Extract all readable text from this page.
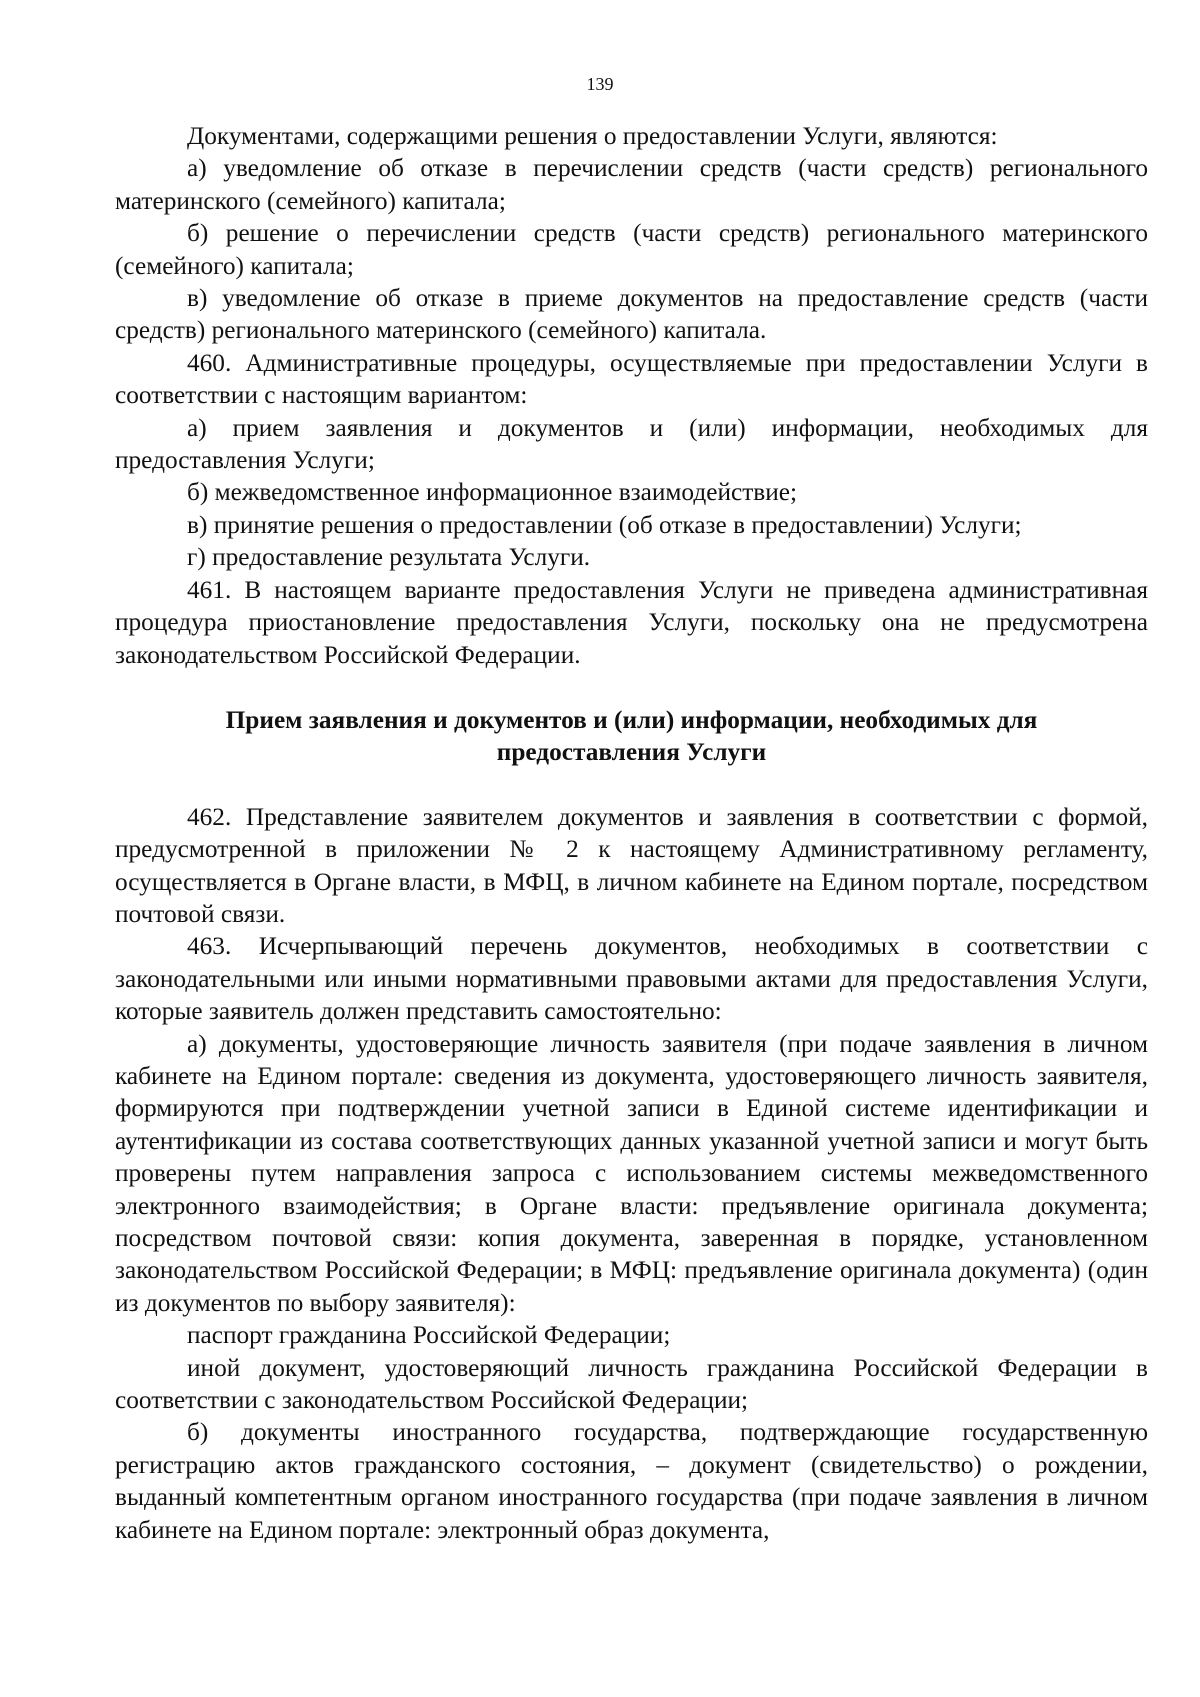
139

Документами, содержащими решения о предоставлении Услуги, являются:

а) уведомление об отказе в перечислении средств (части средств) регионального материнского (семейного) капитала;

б) решение о перечислении средств (части средств) регионального материнского (семейного) капитала;

в) уведомление об отказе в приеме документов на предоставление средств (части средств) регионального материнского (семейного) капитала.

460. Административные процедуры, осуществляемые при предоставлении Услуги в соответствии с настоящим вариантом:

а) прием заявления и документов и (или) информации, необходимых для предоставления Услуги;

б) межведомственное информационное взаимодействие;

в) принятие решения о предоставлении (об отказе в предоставлении) Услуги;

г) предоставление результата Услуги.

461. В настоящем варианте предоставления Услуги не приведена административная процедура приостановление предоставления Услуги, поскольку она не предусмотрена законодательством Российской Федерации.

Прием заявления и документов и (или) информации, необходимых для предоставления Услуги

462. Представление заявителем документов и заявления в соответствии с формой, предусмотренной в приложении № 2 к настоящему Административному регламенту, осуществляется в Органе власти, в МФЦ, в личном кабинете на Едином портале, посредством почтовой связи.

463. Исчерпывающий перечень документов, необходимых в соответствии с законодательными или иными нормативными правовыми актами для предоставления Услуги, которые заявитель должен представить самостоятельно:

а) документы, удостоверяющие личность заявителя (при подаче заявления в личном кабинете на Едином портале: сведения из документа, удостоверяющего личность заявителя, формируются при подтверждении учетной записи в Единой системе идентификации и аутентификации из состава соответствующих данных указанной учетной записи и могут быть проверены путем направления запроса с использованием системы межведомственного электронного взаимодействия; в Органе власти: предъявление оригинала документа; посредством почтовой связи: копия документа, заверенная в порядке, установленном законодательством Российской Федерации; в МФЦ: предъявление оригинала документа) (один из документов по выбору заявителя):

паспорт гражданина Российской Федерации;

иной документ, удостоверяющий личность гражданина Российской Федерации в соответствии с законодательством Российской Федерации;

б) документы иностранного государства, подтверждающие государственную регистрацию актов гражданского состояния, – документ (свидетельство) о рождении, выданный компетентным органом иностранного государства (при подаче заявления в личном кабинете на Едином портале: электронный образ документа,
